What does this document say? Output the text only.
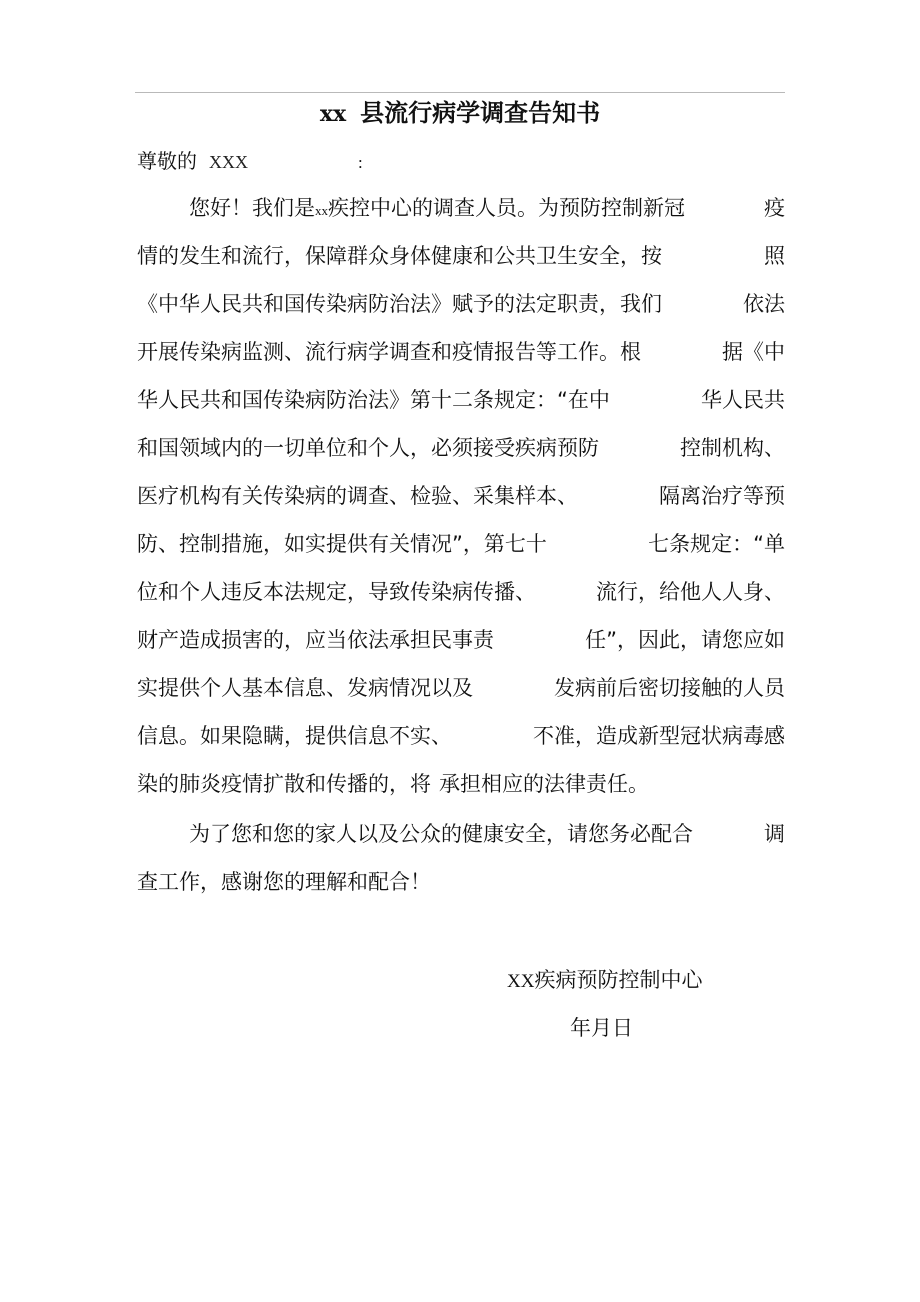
xx 县流行病学调查告知书
尊敬的 XXX	:
您好！我们是xx疾控中心的调查人员。为预防控制新冠	疫
情的发生和流行，保障群众身体健康和公共卫生安全，按	照
《中华人民共和国传染病防治法》赋予的法定职责，我们	依法
开展传染病监测、流行病学调查和疫情报告等工作。根	据《中
华人民共和国传染病防治法》第十二条规定：“在中	华人民共
和国领域内的一切单位和个人，必须接受疾病预防	控制机构、
医疗机构有关传染病的调查、检验、采集样本、	隔离治疗等预
防、控制措施，如实提供有关情况”，第七十	七条规定：“单
位和个人违反本法规定，导致传染病传播、	流行，给他人人身、
财产造成损害的，应当依法承担民事责	任”，因此，请您应如
实提供个人基本信息、发病情况以及	发病前后密切接触的人员
信息。如果隐瞒，提供信息不实、	不准，造成新型冠状病毒感
染的肺炎疫情扩散和传播的，将 承担相应的法律责任。
为了您和您的家人以及公众的健康安全，请您务必配合	调
查工作，感谢您的理解和配合！
XX疾病预防控制中心
年月日
